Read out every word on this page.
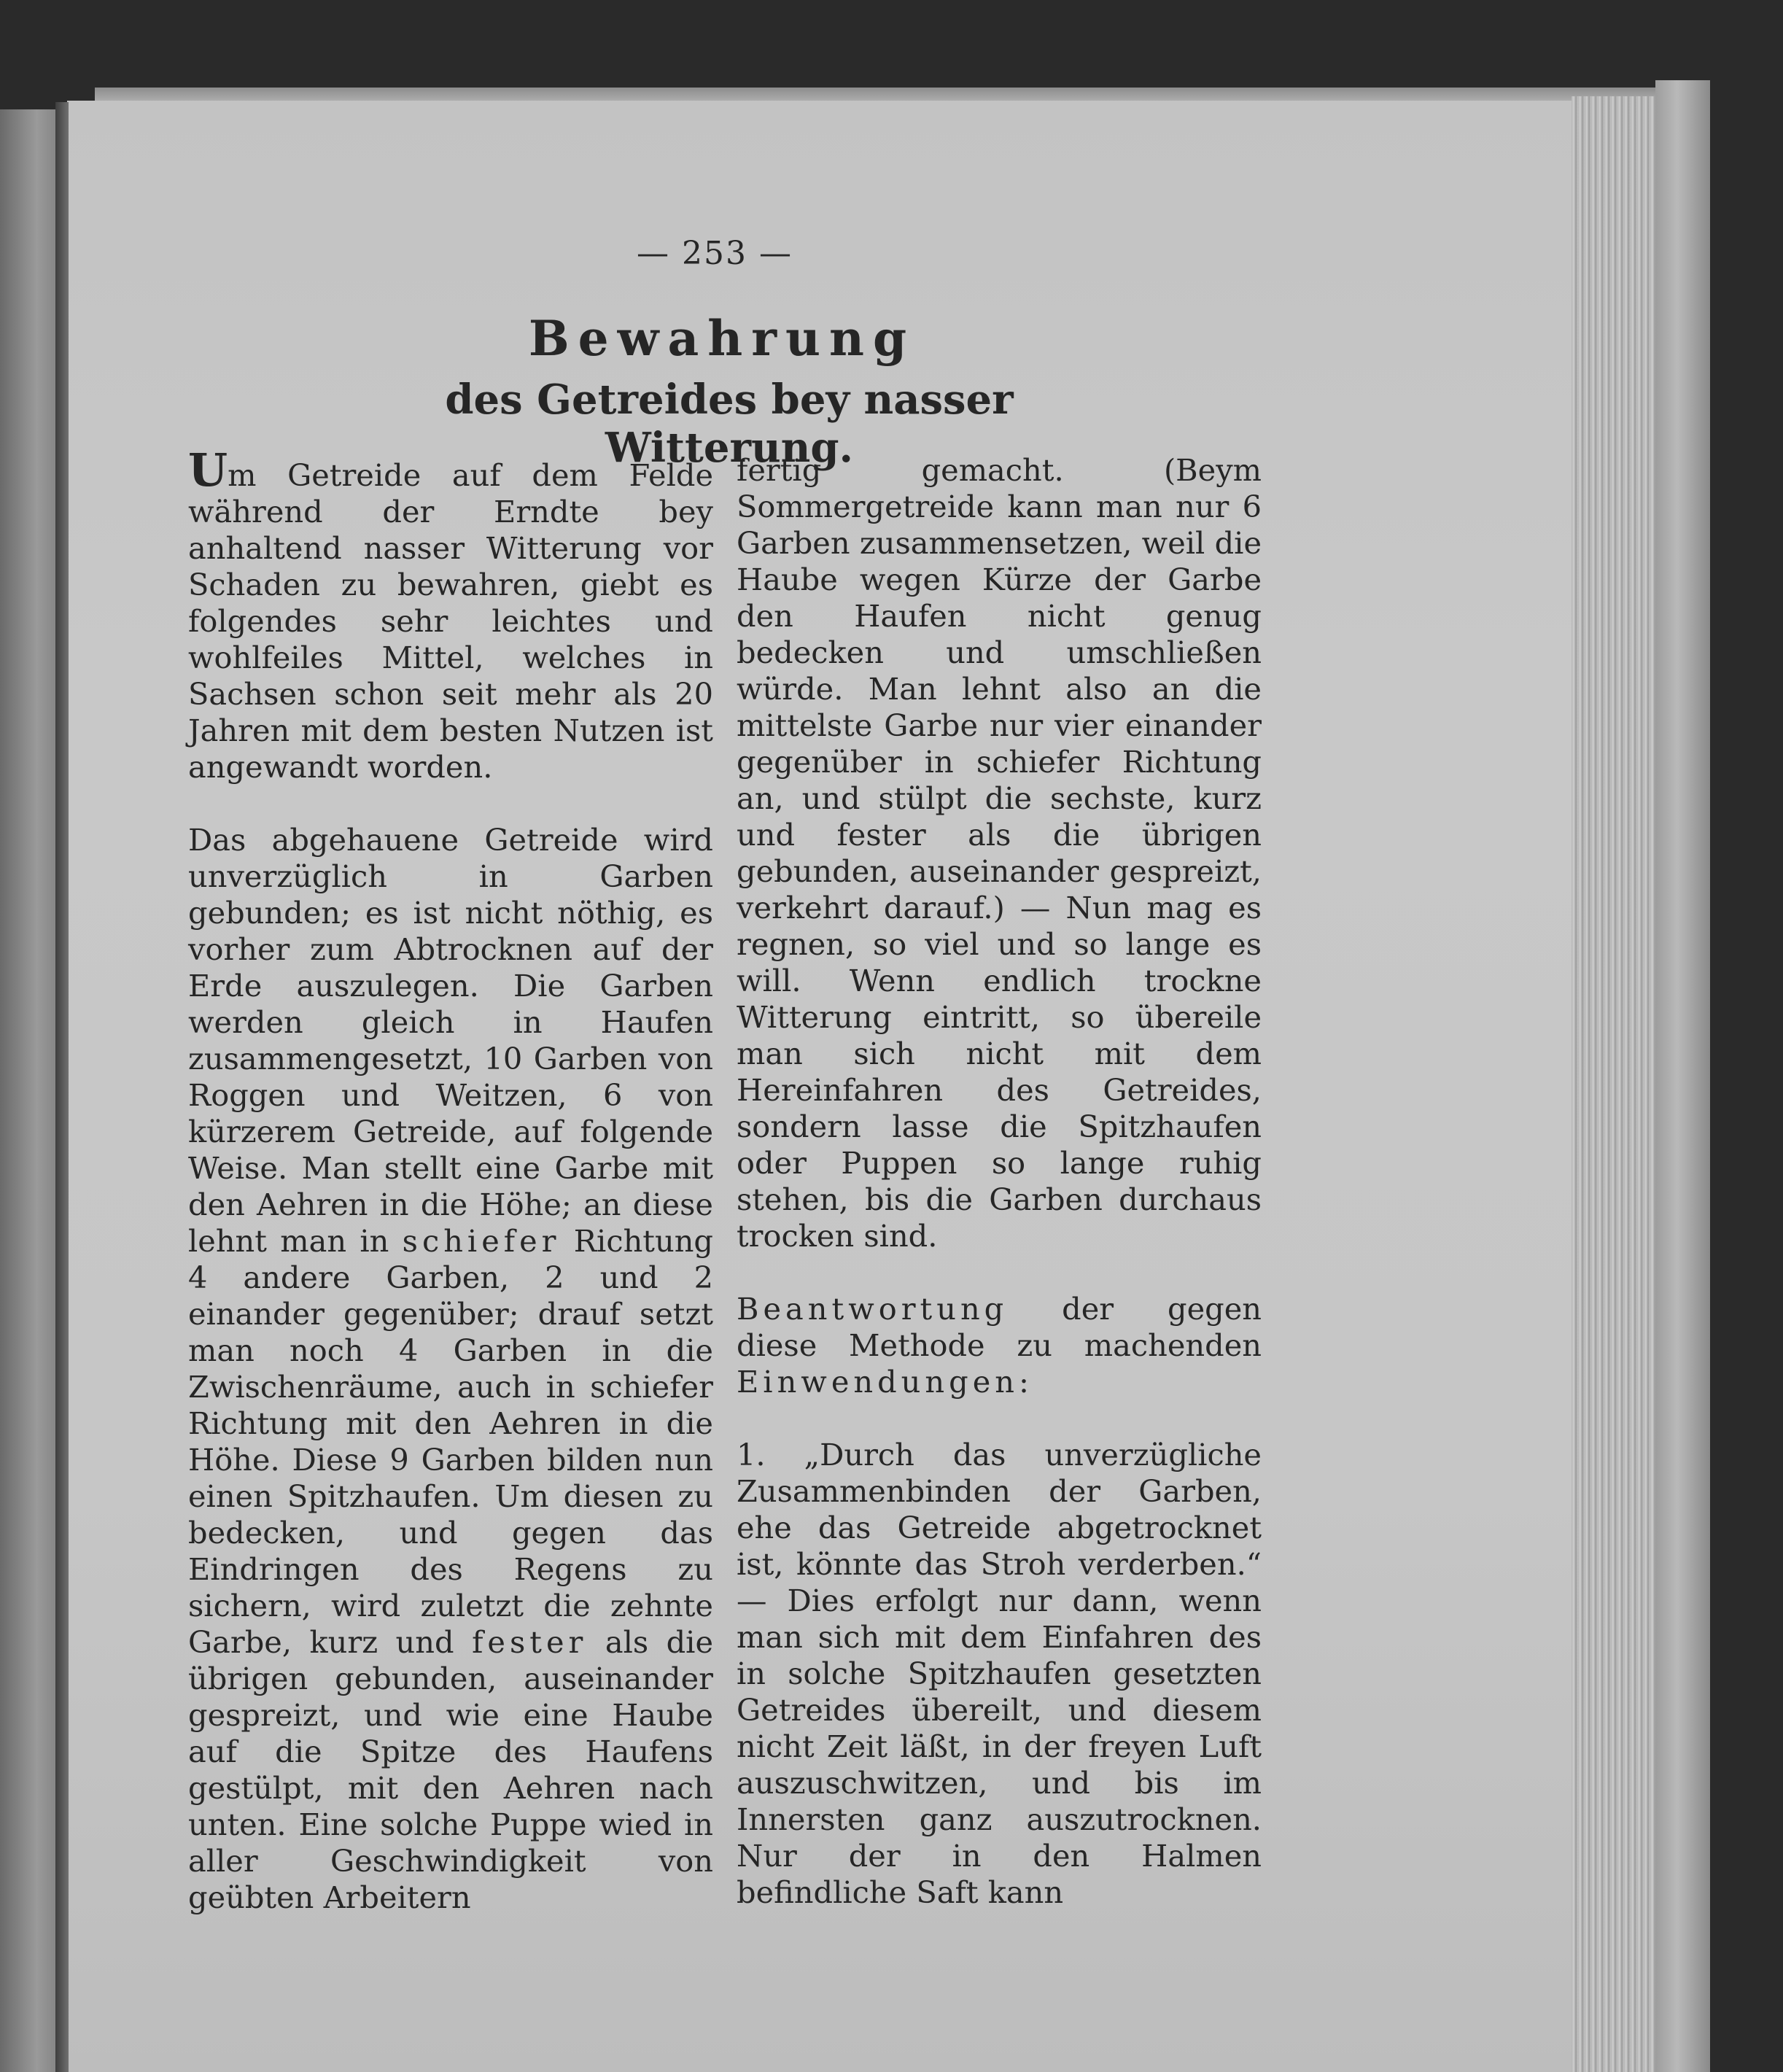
— 253 —
Bewahrung
des Getreides bey nasser Witterung.

Um Getreide auf dem Felde während der Erndte bey anhaltend nasser Witterung vor Schaden zu bewahren, giebt es folgendes sehr leichtes und wohlfeiles Mittel, welches in Sachsen schon seit mehr als 20 Jahren mit dem besten Nutzen ist angewandt worden.

Das abgehauene Getreide wird unverzüglich in Garben gebunden; es ist nicht nöthig, es vorher zum Abtrocknen auf der Erde auszulegen. Die Garben werden gleich in Haufen zusammengesetzt, 10 Garben von Roggen und Weitzen, 6 von kürzerem Getreide, auf folgende Weise. Man stellt eine Garbe mit den Aehren in die Höhe; an diese lehnt man in schiefer Richtung 4 andere Garben, 2 und 2 einander gegenüber; drauf setzt man noch 4 Garben in die Zwischenräume, auch in schiefer Richtung mit den Aehren in die Höhe. Diese 9 Garben bilden nun einen Spitzhaufen. Um diesen zu bedecken, und gegen das Eindringen des Regens zu sichern, wird zuletzt die zehnte Garbe, kurz und fester als die übrigen gebunden, auseinander gespreizt, und wie eine Haube auf die Spitze des Haufens gestülpt, mit den Aehren nach unten. Eine solche Puppe wied in aller Geschwindigkeit von geübten Arbeitern

fertig gemacht. (Beym Sommergetreide kann man nur 6 Garben zusammensetzen, weil die Haube wegen Kürze der Garbe den Haufen nicht genug bedecken und umschließen würde. Man lehnt also an die mittelste Garbe nur vier einander gegenüber in schiefer Richtung an, und stülpt die sechste, kurz und fester als die übrigen gebunden, auseinander gespreizt, verkehrt darauf.) — Nun mag es regnen, so viel und so lange es will. Wenn endlich trockne Witterung eintritt, so übereile man sich nicht mit dem Hereinfahren des Getreides, sondern lasse die Spitzhaufen oder Puppen so lange ruhig stehen, bis die Garben durchaus trocken sind.

Beantwortung der gegen diese Methode zu machenden Einwendungen:

1. „Durch das unverzügliche Zusammenbinden der Garben, ehe das Getreide abgetrocknet ist, könnte das Stroh verderben.“ — Dies erfolgt nur dann, wenn man sich mit dem Einfahren des in solche Spitzhaufen gesetzten Getreides übereilt, und diesem nicht Zeit läßt, in der freyen Luft auszuschwitzen, und bis im Innersten ganz auszutrocknen. Nur der in den Halmen befindliche Saft kann
